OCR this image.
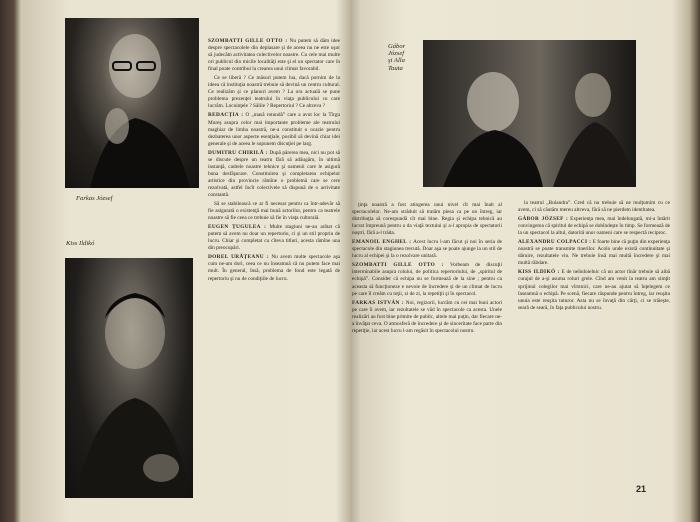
Farkas József
Kiss Ildikó

SZOMBATTI GILLE OTTO : Nu putem să dăm idee despre spectacolele din deplasare şi de aceea nu ne este uşor să judecăm activitatea colectivelor noastre. Cu cele mai multe ori publicul din micile localităţi este şi el un spectator care în final poate contribui la crearea unui climat favorabil.

Ce se liberă ? Ce măsuri putem lua, dacă pornim de la ideea că instituţia noastră trebuie să devină un centru cultural. Ce realizăm şi ce planuri avem ? La ora actuală se pune problema prezenţei teatrului în viaţa publicului cu care lucrăm. Locuinţele ? Sălile ? Repertoriul ? Ce altceva ?

REDACŢIA : O „masă rotundă” care a avut loc la Tîrgu Mureş asupra celor mai importante probleme ale teatrului maghiar de limba noastră, ne-a constituit o ocazie pentru dezbaterea unor aspecte esenţiale, posibil să devină chiar idei generale şi de aceea le supunem discuţiei pe larg.

DUMITRU CHIRILĂ : După părerea mea, nici nu pot să se discute despre un teatru fără să adăugăm, în ultimă instanţă, cadrele noastre tehnice şi oamenii care le asigură buna desfăşurare. Constituirea şi completarea echipelor artistice din provincie rămîne o problemă care se cere rezolvată, astfel încît colectivele să dispună de o activitate constantă.

Să se stabilească ce ar fi necesar pentru ca într-adevăr să fie asigurată o existenţă mai bună actorilor, pentru ca teatrele noastre să fie ceea ce trebuie să fie în viaţa culturală.

EUGEN ŢUGULEA : Multe stagiuni ne-au arătat că putem să avem nu doar un repertoriu, ci şi un stil propriu de lucru. Chiar şi completat cu cîteva titluri, acesta rămîne una din preocupări.

DOREL URĂŢEANU : Nu avem multe spectacole aşa cum ne-am dori, ceea ce nu înseamnă că nu putem face mai mult. În general, însă, problema de fond este legată de repertoriu şi nu de condiţiile de lucru.

Gábor József şi Alla Tauta

ţinţa noastră a fost atingerea unui nivel cît mai înalt al spectacolelor. Ne-am străduit să tratăm piesa ca pe un întreg, iar distribuţia să corespundă cît mai bine. Regia şi echipa tehnică au lucrat împreună pentru a da viaţă textului şi a-l apropia de spectatorii noştri, fără a-l trăda.

EMANOIL ENGHEL : Acest lucru l-am făcut şi noi în seria de spectacole din stagiunea trecută. Doar aşa se poate ajunge la un stil de lucru al echipei şi la o rezolvare unitară.

SZOMBATTI GILLE OTTO : Vorbeam de discuţii interminabile asupra rolului, de politica repertoriului, de „spiritul de echipă”. Consider că echipa nu se formează de la sine ; pentru ca aceasta să funcţioneze e nevoie de încredere şi de un climat de lucru pe care îl creăm cu toţii, zi de zi, la repetiţii şi în spectacol.

FARKAS ISTVÁN : Noi, regizorii, lucrăm cu cei mai buni actori pe care îi avem, iar rezultatele se văd în spectacole ca acesta. Unele realizări au fost bine primite de public, altele mai puţin, dar fiecare ne-a învăţat ceva. O atmosferă de încredere şi de sinceritate face parte din repetiţie, iar acest lucru l-am regăsit în spectacolul nostru.

la teatrul „Bulandra”. Cred că nu trebuie să ne mulţumim cu ce avem, ci să căutăm mereu altceva, fără să ne pierdem identitatea.

GÁBOR JÓZSEF : Experienţa mea, mai îndelungată, mi-a întărit convingerea că spiritul de echipă se dobîndeşte în timp. Se formează de la un spectacol la altul, datorită unor oameni care se respectă reciproc.

ALEXANDRU COLPACCI : E foarte bine că puţin din experienţa noastră se poate transmite tinerilor. Acolo unde există continuitate şi dăruire, rezultatele vin. Ne trebuie însă mai multă încredere şi mai multă răbdare.

KISS ILDIKÓ : E de neîndoielnic că un actor tînăr trebuie să aibă curajul de a-şi asuma roluri grele. Cînd am venit la teatru am simţit sprijinul colegilor mai vîrstnici, care ne-au ajutat să înţelegem ce înseamnă o echipă. Pe scenă, fiecare răspunde pentru întreg, iar reuşita unuia este reuşita tuturor. Asta nu se învaţă din cărţi, ci se trăieşte, seară de seară, în faţa publicului nostru.

21
